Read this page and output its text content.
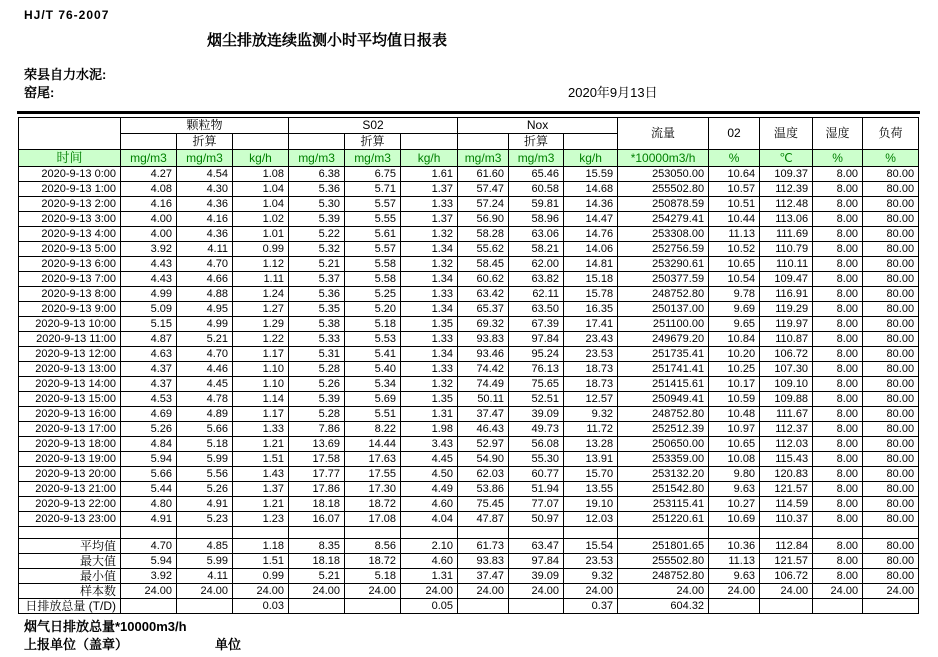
HJ/T 76-2007
烟尘排放连续监测小时平均值日报表
荣县自力水泥:
窑尾:	2020年9月13日
	颗粒物			S02			Nox			流量	02	温度	湿度	负荷
		折算			折算			折算						
时间	mg/m3	mg/m3	kg/h	mg/m3	mg/m3	kg/h	mg/m3	mg/m3	kg/h	*10000m3/h	%	℃	%	%
2020-9-13 0:00	4.27	4.54	1.08	6.38	6.75	1.61	61.60	65.46	15.59	253050.00	10.64	109.37	8.00	80.00
2020-9-13 1:00	4.08	4.30	1.04	5.36	5.71	1.37	57.47	60.58	14.68	255502.80	10.57	112.39	8.00	80.00
2020-9-13 2:00	4.16	4.36	1.04	5.30	5.57	1.33	57.24	59.81	14.36	250878.59	10.51	112.48	8.00	80.00
2020-9-13 3:00	4.00	4.16	1.02	5.39	5.55	1.37	56.90	58.96	14.47	254279.41	10.44	113.06	8.00	80.00
2020-9-13 4:00	4.00	4.36	1.01	5.22	5.61	1.32	58.28	63.06	14.76	253308.00	11.13	111.69	8.00	80.00
2020-9-13 5:00	3.92	4.11	0.99	5.32	5.57	1.34	55.62	58.21	14.06	252756.59	10.52	110.79	8.00	80.00
2020-9-13 6:00	4.43	4.70	1.12	5.21	5.58	1.32	58.45	62.00	14.81	253290.61	10.65	110.11	8.00	80.00
2020-9-13 7:00	4.43	4.66	1.11	5.37	5.58	1.34	60.62	63.82	15.18	250377.59	10.54	109.47	8.00	80.00
2020-9-13 8:00	4.99	4.88	1.24	5.36	5.25	1.33	63.42	62.11	15.78	248752.80	9.78	116.91	8.00	80.00
2020-9-13 9:00	5.09	4.95	1.27	5.35	5.20	1.34	65.37	63.50	16.35	250137.00	9.69	119.29	8.00	80.00
2020-9-13 10:00	5.15	4.99	1.29	5.38	5.18	1.35	69.32	67.39	17.41	251100.00	9.65	119.97	8.00	80.00
2020-9-13 11:00	4.87	5.21	1.22	5.33	5.53	1.33	93.83	97.84	23.43	249679.20	10.84	110.87	8.00	80.00
2020-9-13 12:00	4.63	4.70	1.17	5.31	5.41	1.34	93.46	95.24	23.53	251735.41	10.20	106.72	8.00	80.00
2020-9-13 13:00	4.37	4.46	1.10	5.28	5.40	1.33	74.42	76.13	18.73	251741.41	10.25	107.30	8.00	80.00
2020-9-13 14:00	4.37	4.45	1.10	5.26	5.34	1.32	74.49	75.65	18.73	251415.61	10.17	109.10	8.00	80.00
2020-9-13 15:00	4.53	4.78	1.14	5.39	5.69	1.35	50.11	52.51	12.57	250949.41	10.59	109.88	8.00	80.00
2020-9-13 16:00	4.69	4.89	1.17	5.28	5.51	1.31	37.47	39.09	9.32	248752.80	10.48	111.67	8.00	80.00
2020-9-13 17:00	5.26	5.66	1.33	7.86	8.22	1.98	46.43	49.73	11.72	252512.39	10.97	112.37	8.00	80.00
2020-9-13 18:00	4.84	5.18	1.21	13.69	14.44	3.43	52.97	56.08	13.28	250650.00	10.65	112.03	8.00	80.00
2020-9-13 19:00	5.94	5.99	1.51	17.58	17.63	4.45	54.90	55.30	13.91	253359.00	10.08	115.43	8.00	80.00
2020-9-13 20:00	5.66	5.56	1.43	17.77	17.55	4.50	62.03	60.77	15.70	253132.20	9.80	120.83	8.00	80.00
2020-9-13 21:00	5.44	5.26	1.37	17.86	17.30	4.49	53.86	51.94	13.55	251542.80	9.63	121.57	8.00	80.00
2020-9-13 22:00	4.80	4.91	1.21	18.18	18.72	4.60	75.45	77.07	19.10	253115.41	10.27	114.59	8.00	80.00
2020-9-13 23:00	4.91	5.23	1.23	16.07	17.08	4.04	47.87	50.97	12.03	251220.61	10.69	110.37	8.00	80.00

平均值	4.70	4.85	1.18	8.35	8.56	2.10	61.73	63.47	15.54	251801.65	10.36	112.84	8.00	80.00
最大值	5.94	5.99	1.51	18.18	18.72	4.60	93.83	97.84	23.53	255502.80	11.13	121.57	8.00	80.00
最小值	3.92	4.11	0.99	5.21	5.18	1.31	37.47	39.09	9.32	248752.80	9.63	106.72	8.00	80.00
样本数	24.00	24.00	24.00	24.00	24.00	24.00	24.00	24.00	24.00	24.00	24.00	24.00	24.00	24.00
日排放总量 (T/D)			0.03			0.05			0.37	604.32				
烟气日排放总量*10000m3/h
上报单位（盖章）	单位
